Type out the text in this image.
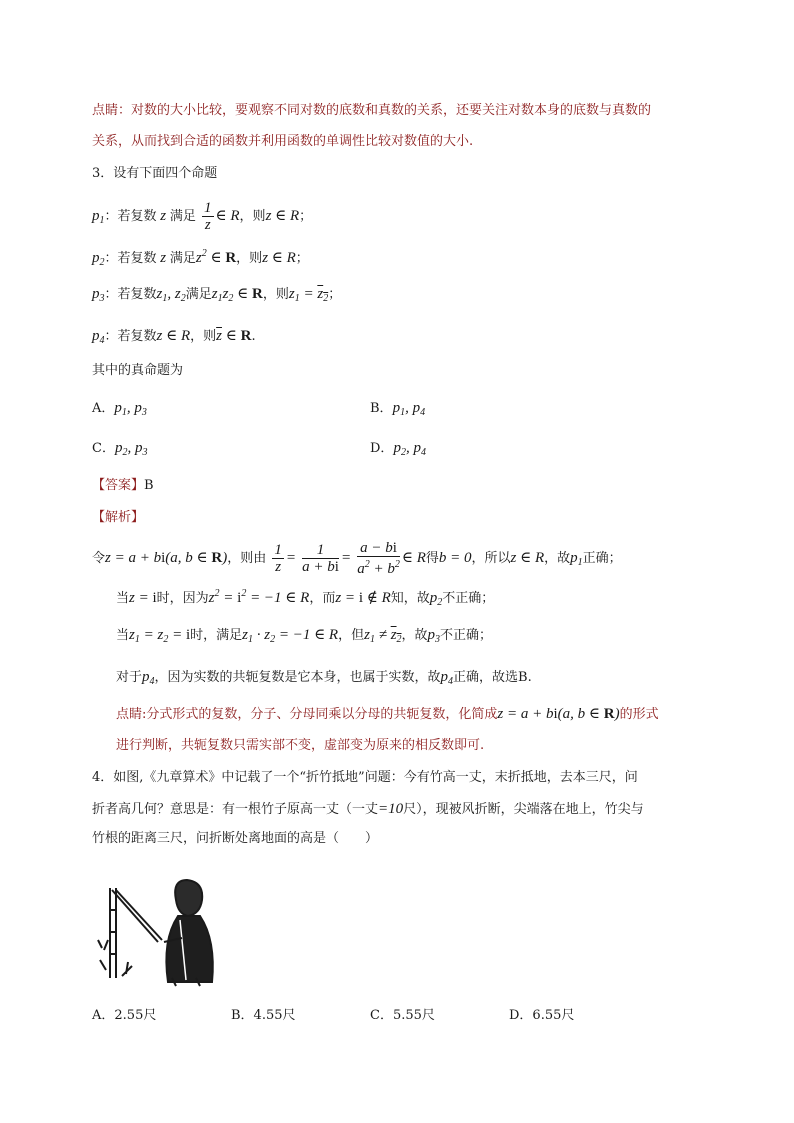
点睛：对数的大小比较，要观察不同对数的底数和真数的关系，还要关注对数本身的底数与真数的
关系，从而找到合适的函数并利用函数的单调性比较对数值的大小.
3．设有下面四个命题
$p_1$：若复数 z 满足 $\frac{1}{z}$ ∈ R，则z ∈ R；
$p_2$：若复数 z 满足$z^2$ ∈ R，则z ∈ R；
$p_3$：若复数$z_1$, $z_2$满足$z_1z_2$ ∈ R，则$z_1 = z_2$；
$p_4$：若复数z ∈ R，则$\overline{z}$ ∈ R.
其中的真命题为
A．$p_1$, $p_3$	B．$p_1$, $p_4$
C．$p_2$, $p_3$	D．$p_2$, $p_4$
【答案】B
【解析】
令z = a + bi(a, b ∈ R)，则由 $\frac{1}{z} = \frac{1}{a + bi} = \frac{a - bi}{a^2 + b^2}$ ∈ R得b = 0，所以z ∈ R，故$p_1$正确；
当z = i时，因为$z^2 = i^2 = -1$ ∈ R，而z = i ∉ R知，故$p_2$不正确；
当$z_1 = z_2 = i$时，满足$z_1 \cdot z_2 = -1$ ∈ R，但$z_1 \ne z_2$，故$p_3$不正确；
对于$p_4$，因为实数的共轭复数是它本身，也属于实数，故$p_4$正确，故选B.
点睛:分式形式的复数，分子、分母同乘以分母的共轭复数，化简成z = a + bi(a, b ∈ R)的形式
进行判断，共轭复数只需实部不变，虚部变为原来的相反数即可.
4．如图,《九章算术》中记载了一个“折竹抵地”问题：今有竹高一丈，末折抵地，去本三尺，问
折者高几何？意思是：有一根竹子原高一丈（一丈=10尺），现被风折断，尖端落在地上，竹尖与
竹根的距离三尺，问折断处离地面的高是（　　）
A．2.55尺	B．4.55尺	C．5.55尺	D．6.55尺
